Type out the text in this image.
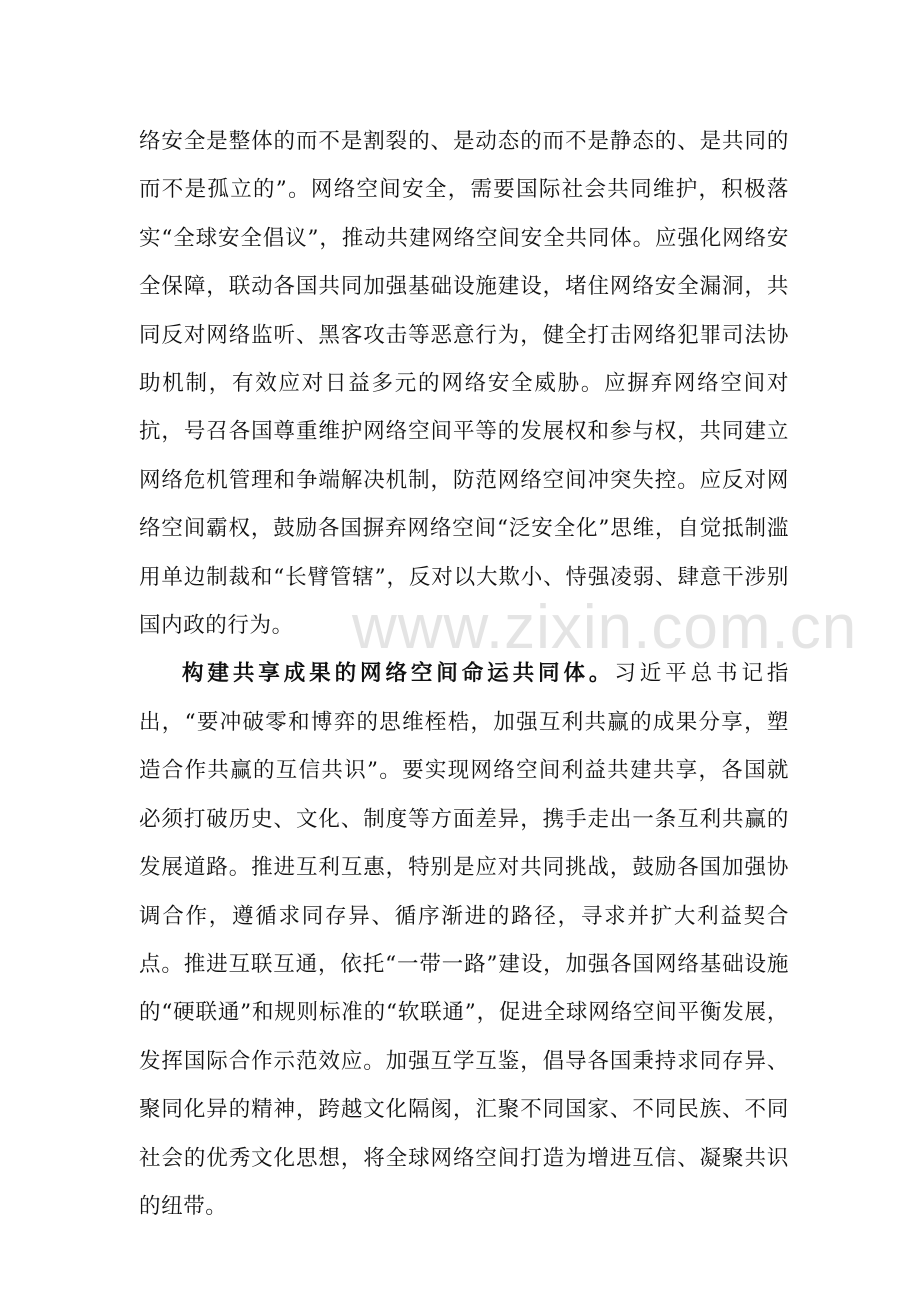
www.zixin.com.cn

络安全是整体的而不是割裂的、是动态的而不是静态的、是共同的而不是孤立的”。网络空间安全，需要国际社会共同维护，积极落实“全球安全倡议”，推动共建网络空间安全共同体。应强化网络安全保障，联动各国共同加强基础设施建设，堵住网络安全漏洞，共同反对网络监听、黑客攻击等恶意行为，健全打击网络犯罪司法协助机制，有效应对日益多元的网络安全威胁。应摒弃网络空间对抗，号召各国尊重维护网络空间平等的发展权和参与权，共同建立网络危机管理和争端解决机制，防范网络空间冲突失控。应反对网络空间霸权，鼓励各国摒弃网络空间“泛安全化”思维，自觉抵制滥用单边制裁和“长臂管辖”，反对以大欺小、恃强凌弱、肆意干涉别国内政的行为。

构建共享成果的网络空间命运共同体。习近平总书记指出，“要冲破零和博弈的思维桎梏，加强互利共赢的成果分享，塑造合作共赢的互信共识”。要实现网络空间利益共建共享，各国就必须打破历史、文化、制度等方面差异，携手走出一条互利共赢的发展道路。推进互利互惠，特别是应对共同挑战，鼓励各国加强协调合作，遵循求同存异、循序渐进的路径，寻求并扩大利益契合点。推进互联互通，依托“一带一路”建设，加强各国网络基础设施的“硬联通”和规则标准的“软联通”，促进全球网络空间平衡发展，发挥国际合作示范效应。加强互学互鉴，倡导各国秉持求同存异、聚同化异的精神，跨越文化隔阂，汇聚不同国家、不同民族、不同社会的优秀文化思想，将全球网络空间打造为增进互信、凝聚共识的纽带。
